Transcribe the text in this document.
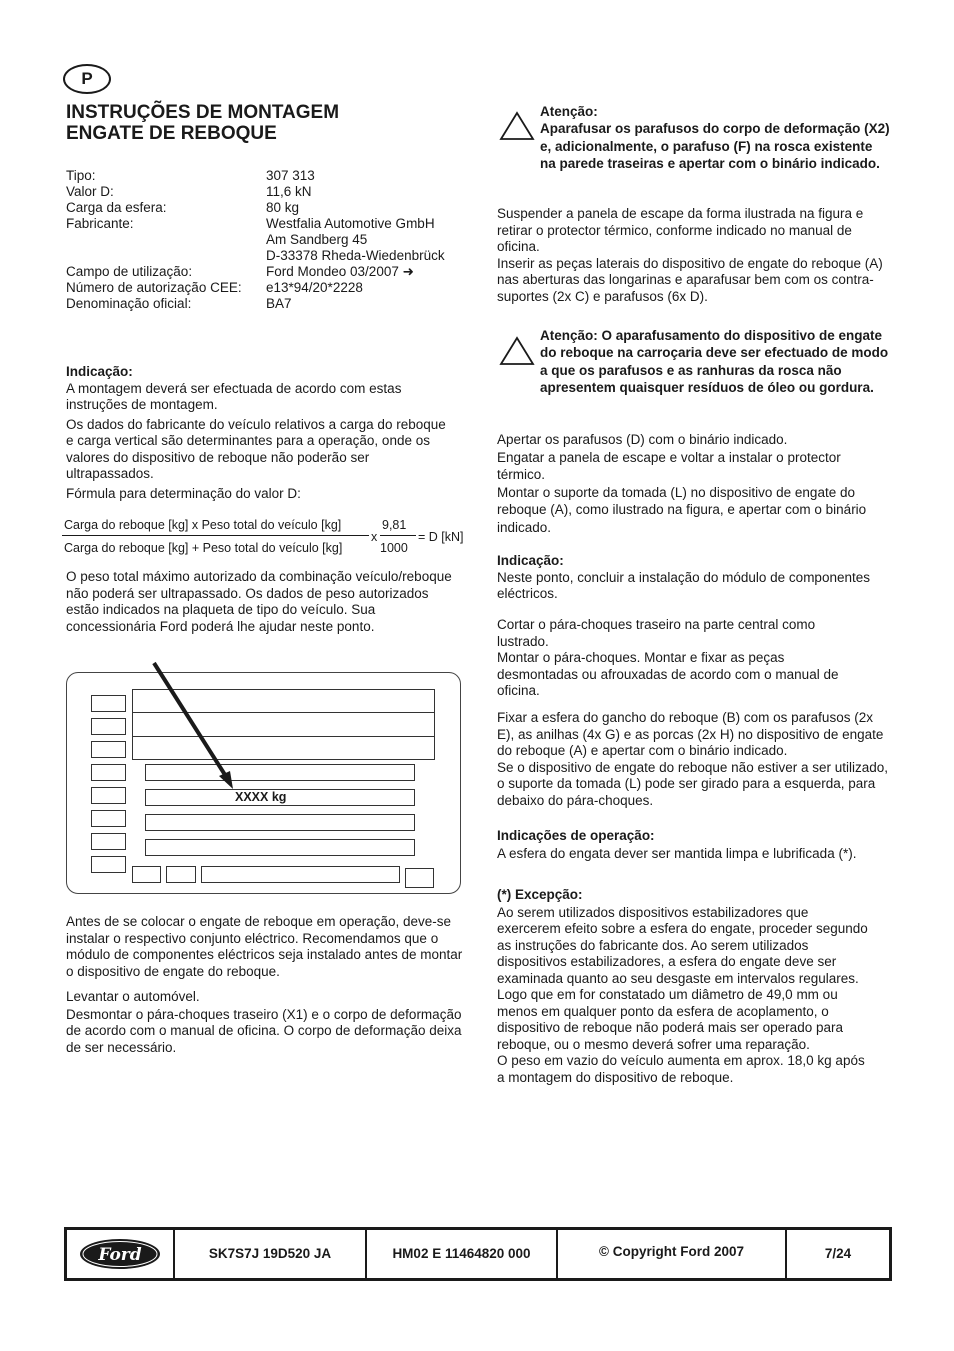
P
INSTRUÇÕES DE MONTAGEM
ENGATE DE REBOQUE
Tipo:	307 313
Valor D:	11,6 kN
Carga da esfera:	80 kg
Fabricante:	Westfalia Automotive GmbH
	Am Sandberg 45
	D-33378 Rheda-Wiedenbrück
Campo de utilização:	Ford Mondeo 03/2007 ➜
Número de autorização CEE:	e13*94/20*2228
Denominação oficial:	BA7

Indicação:

A montagem deverá ser efectuada de acordo com estas instruções de montagem.

Os dados do fabricante do veículo relativos a carga do reboque e carga vertical são determinantes para a operação, onde os valores do dispositivo de reboque não poderão ser ultrapassados.

Fórmula para determinação do valor D:

Carga do reboque [kg] x Peso total do veículo [kg]
Carga do reboque [kg] + Peso total do veículo [kg]
x
9,81
1000
= D [kN]

O peso total máximo autorizado da combinação veículo/reboque não poderá ser ultrapassado. Os dados de peso autorizados estão indicados na plaqueta de tipo do veículo. Sua concessionária Ford poderá lhe ajudar neste ponto.

XXXX kg

Antes de se colocar o engate de reboque em operação, deve-se instalar o respectivo conjunto eléctrico. Recomendamos que o módulo de componentes eléctricos seja instalado antes de montar o dispositivo de engate do reboque.

Levantar o automóvel.

Desmontar o pára-choques traseiro (X1) e o corpo de deformação de acordo com o manual de oficina. O corpo de deformação deixa de ser necessário.

Atenção:

Aparafusar os parafusos do corpo de deformação (X2) e, adicionalmente, o parafuso (F) na rosca existente na parede traseiras e apertar com o binário indicado.

Suspender a panela de escape da forma ilustrada na figura e retirar o protector térmico, conforme indicado no manual de oficina.

Inserir as peças laterais do dispositivo de engate do reboque (A) nas aberturas das longarinas e aparafusar bem com os contra-suportes (2x C) e parafusos (6x D).

Atenção: O aparafusamento do dispositivo de engate do reboque na carroçaria deve ser efectuado de modo a que os parafusos e as ranhuras da rosca não apresentem quaisquer resíduos de óleo ou gordura.

Apertar os parafusos (D) com o binário indicado.

Engatar a panela de escape e voltar a instalar o protector térmico.

Montar o suporte da tomada (L) no dispositivo de engate do reboque (A), como ilustrado na figura, e apertar com o binário indicado.

Indicação:

Neste ponto, concluir a instalação do módulo de componentes eléctricos.

Cortar o pára-choques traseiro na parte central como lustrado.

Montar o pára-choques. Montar e fixar as peças desmontadas ou afrouxadas de acordo com o manual de oficina.

Fixar a esfera do gancho do reboque (B) com os parafusos (2x E), as anilhas (4x G) e as porcas (2x H) no dispositivo de engate do reboque (A) e apertar com o binário indicado.

Se o dispositivo de engate do reboque não estiver a ser utilizado, o suporte da tomada (L) pode ser girado para a esquerda, para debaixo do pára-choques.

Indicações de operação:

A esfera do engata dever ser mantida limpa e lubrificada (*).

(*) Excepção:

Ao serem utilizados dispositivos estabilizadores que exercerem efeito sobre a esfera do engate, proceder segundo as instruções do fabricante dos. Ao serem utilizados dispositivos estabilizadores, a esfera do engate deve ser examinada quanto ao seu desgaste em intervalos regulares.

Logo que em for constatado um diâmetro de 49,0 mm ou menos em qualquer ponto da esfera de acoplamento, o dispositivo de reboque não poderá mais ser operado para reboque, ou o mesmo deverá sofrer uma reparação.

O peso em vazio do veículo aumenta em aprox. 18,0 kg após a montagem do dispositivo de reboque.

Ford	SK7S7J 19D520 JA	HM02 E 11464820 000	© Copyright Ford 2007	7/24
